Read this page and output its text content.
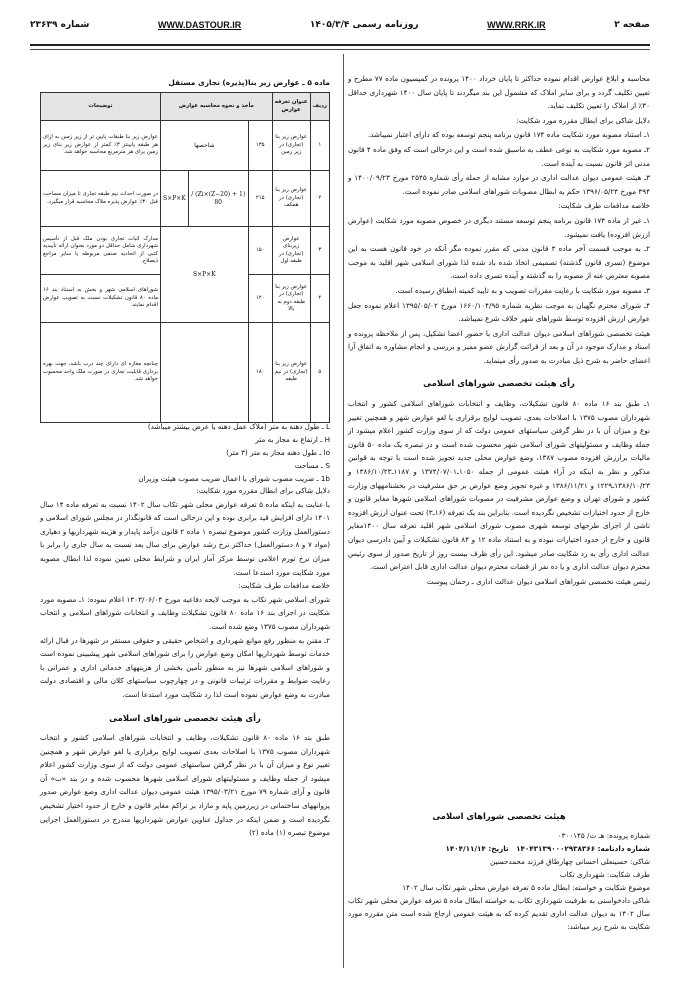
صفحه ۲
WWW.RRK.IR
روزنامه رسمی ۱۴۰۵/۳/۴
WWW.DASTOUR.IR
شماره ۲۳۶۳۹

محاسبه و ابلاغ عوارض اقدام نموده حداکثر تا پایان خرداد ۱۴۰۰ پرونده در کمیسیون ماده ۷۷ مطرح و تعیین تکلیف گردد و برای سایر املاک که مشمول این بند میگردند تا پایان سال ۱۴۰۰ شهرداری حداقل ۳۰٪ از املاک را تعیین تکلیف نماید.

دلایل شاکی برای ابطال مقرره مورد شکایت:

۱ـ استناد مصوبه مورد شکایت ماده ۱۷۴ قانون برنامه پنجم توسعه بوده که دارای اعتبار نمیباشد.

۲ـ مصوبه مورد شکایت به نوعی عطف به ماسبق شده است و این درحالی است که وفق ماده ۴ قانون مدنی اثر قانون نسبت به آینده است.

۳ـ هیئت عمومی دیوان عدالت اداری در موارد مشابه از جمله رأی شماره ۲۵۴۵ مورخ ۱۴۰۰/۰۹/۲۳ و ۴۹۴ مورخ ۱۳۹۶/۰۵/۲۴ حکم به ابطال مصوبات شوراهای اسلامی صادر نموده است.

خلاصه مدافعات طرف شکایت:

۱ـ غیر از ماده ۱۷۴ قانون برنامه پنجم توسعه مستند دیگری در خصوص مصوبه مورد شکایت (عوارض ارزش افزوده) یافت نمیشود.

۲ـ به موجب قسمت آخر ماده ۴ قانون مدنی که مقرر نموده مگر آنکه در خود قانون هست به این موضوع (تسری قانون گذشته) تصمیمی اتخاذ شده باد شده لذا شورای اسلامی شهر اقلید به موجب مصوبه معترض عنه از مصوبه را به گذشته و آینده تسری داده است.

۳ـ مصوبه مورد شکایت با رعایت مقررات تصویب و به تایید کمیته انطباق رسیده است.

۴ـ شورای محترم نگهبان به موجب نظریه شماره ۱۶۶۰/۱۰۴/۹۵ مورخ ۱۳۹۵/۰۵/۰۲ اعلام نموده جعل عوارض ارزش افزوده توسط شوراهای شهر خلاف شرع نمیباشد.

هیئت تخصصی شوراهای اسلامی دیوان عدالت اداری با حضور اعضا تشکیل، پس از ملاحظه پرونده و اسناد و مدارک موجود در آن و بعد از قرائت گزارش عضو ممیز و بررسی و انجام مشاوره به اتفاق آرا اعضای حاضر به شرح ذیل مبادرت به صدور رأی مینماید.

رأی هیئت تخصصی شوراهای اسلامی

۱ـ طبق بند ۱۶ ماده ۸۰ قانون تشکیلات، وظایف و انتخابات شوراهای اسلامی کشور و انتخاب شهرداران مصوب ۱۳۷۵ با اصلاحات بعدی، تصویب لوایح برقراری یا لغو عوارض شهر و همچنین تغییر نوع و میزان آن با در نظر گرفتن سیاستهای عمومی دولت که از سوی وزارت کشور اعلام میشود از جمله وظایف و مسئولیتهای شورای اسلامی شهر محسوب شده است و در تبصره یک ماده ۵۰ قانون مالیات برارزش افزوده مصوب ۱۳۸۷، وضع عوارض محلی جدید تجویز شده است با توجه به قوانین مذکور و نظر به اینکه در آراء هیئت عمومی از جمله ۱۰۵۰ـ۱۳۷۴/۰۷/۰۱ و ۱۱۸۷ـ۱۳۸۶/۱۰/۲۳ و ۱۳۸۶/۱۰/۲۳ـ۱۲۲۹ و ۱۳۸۶/۱۱/۲۱ و غیره تجویز وضع عوارض بر حق مشرفیت در بخشنامههای وزارت کشور و شورای تهران و وضع عوارض مشرفیت در مصوبات شوراهای اسلامی شهرها مغایر قانون و خارج از حدود اختیارات تشخیص نگردیده است. بنابراین بند یک تعرفه (۱۶ـ۳) تحت عنوان ارزش افزوده ناشی از اجرای طرحهای توسعه شهری مصوب شورای اسلامی شهر اقلید تعرفه سال ۱۴۰۰مغایر قانون و خارج از حدود اختیارات نبوده و به استناد ماده ۱۲ و ۸۴ قانون تشکیلات و آیین دادرسی دیوان عدالت اداری رأی به رد شکایت صادر میشود. این رأی ظرف بیست روز از تاریخ صدور از سوی رئیس محترم دیوان عدالت اداری و یا ده نفر از قضات محترم دیوان عدالت اداری قابل اعتراض است.

رئیس هیئت تخصصی شوراهای اسلامی دیوان عدالت اداری ـ رحمان پیوست

هیئت تخصصی شوراهای اسلامی

شماره پرونده: هـ ت/ ۰۳۰۰۱۴۵

شماره دادنامه: ۱۴۰۴۳۱۳۹۰۰۰۲۹۳۸۳۶۶   تاریخ: ۱۴۰۴/۱۱/۱۴

شاکی: حسینعلی احسانی چهارطاق فرزند محمدحسین

طرف شکایت: شهرداری تکاب

موضوع شکایت و خواسته: ابطال ماده ۵ تعرفه عوارض محلی شهر تکاب سال ۱۴۰۲

شاکی دادخواستی به طرفیت شهرداری تکاب به خواسته ابطال ماده ۵ تعرفه عوارض محلی شهر تکاب سال ۱۴۰۲ به دیوان عدالت اداری تقدیم کرده که به هیئت عمومی ارجاع شده است متن مقرره مورد شکایت به شرح زیر میباشد:

ماده ۵ ـ عوارض زیر بنا(پذیره) تجاری مستقل
ردیف	عنوان تعرفه عوارض	مأخذ و نحوه محاسبه عوارض			توضیحات
۱	عوارض زیر بنا (تجاری) در زیر زمین	۱۳۵	شاخصها		عوارض زیر بنا طبقات پایین تر از زیر زمین به ازای هر طبقه پایینتر ۳٪ کمتر از عوارض زیر بنای زیر زمین برای هر مترمربع محاسبه خواهد شد.
۲	عوارض زیر بنا (تجاری) در همکف	۲۱۵	(1 + (Z−20)×Zi) / 80	S×P×K	در صورت احداث نیم طبقه تجاری تا میزان مساحت قبل ۳۰٪ عوارض پذیره ملاک محاسبه قرار میگیرد.
۳	عوارض زیربنای (تجاری) در طبقه اول	۱۵۰	S×P×K		مدارک اثبات تجاری بودن ملک قبل از تأسیس شهرداری شامل حداقل دو مورد بعنوان ارائه تأییدیه کتبی از اتحادیه صنفی مربوطه یا سایر مراجع ذیصلاح.
۴	عوارض زیر بنا (تجاری) در طبقه دوم به بالا	۱۲۰			شوراهای اسلامی شهر و بخش به استناد بند ۱۶ ماده ۸۰ قانون تشکیلات نسبت به تصویب عوارض اقدام نمایند.
۵	عوارض زیر بنا (تجاری) در نیم طبقه	۱۸۰			چنانچه مغازه ای دارای چند درب باشد، جهت بهره برداری قابلیت تجاری در صورت ملک واحد محسوب خواهد شد.

L ـ طول دهنه به متر (ملاک عمل دهنه یا عرض بیشتر میباشد)

H ـ ارتفاع به مجاز به متر

lo ـ طول دهنه مجاز به متر (۳ متر)

S ـ مساحت

1b ـ ضریب مصوب شورای با اعمال ضریب مصوب هیئت وزیران

دلایل شاکی برای ابطال مقرره مورد شکایت:

با عنایت به اینکه ماده ۵ تعرفه عوارض محلی شهر تکاب سال ۱۴۰۲ نسبت به تعرفه ماده ۱۴ سال ۱۴۰۱ دارای افزایش قید برابری بوده و این درحالی است که قانونگذار در مجلس شورای اسلامی و دستورالعمل وزارت کشور موضوع تبصره ۱ ماده ۲ قانون درآمد پایدار و هزینه شهرداریها و دهیاری (مواد ۷ و ۸ دستورالعمل) حداکثر نرخ رشد عوارض برای سال بعد نسبت به سال جاری را برابر با میزان نرخ تورم اعلامی توسط مرکز آمار ایران و شرایط محلی تعیین نموده لذا ابطال مصوبه مورد شکایت مورد استدعا است.

خلاصه مدافعات طرف شکایت:

شورای اسلامی شهر تکاب به موجب لایحه دفاعیه مورخ ۱۴۰۳/۰۶/۰۴ اعلام نموده: ۱ـ مصوبه مورد شکایت در اجرای بند ۱۶ ماده ۸۰ قانون تشکیلات وظایف و انتخابات شوراهای اسلامی و انتخاب شهرداران مصوب ۱۳۷۵ وضع شده است.

۲ـ مقنن به منظور رفع موانع شهرداری و اشخاص حقیقی و حقوقی مستقر در شهرها در قبال ارائه خدمات توسط شهرداریها امکان وضع عوارض را برای شوراهای اسلامی شهر پیشبینی نموده است و شوراهای اسلامی شهرها نیز به منظور تأمین بخشی از هزینههای خدماتی اداری و عمرانی با رعایت ضوابط و مقررات ترتیبات قانونی و در چهارچوب سیاستهای کلان مالی و اقتصادی دولت مبادرت به وضع عوارض نموده است لذا رد شکایت مورد استدعا است.

رأی هیئت تخصصی شوراهای اسلامی

طبق بند ۱۶ ماده ۸۰ قانون تشکیلات، وظایف و انتخابات شوراهای اسلامی کشور و انتخاب شهرداران مصوب ۱۳۷۵ با اصلاحات بعدی تصویب لوایح برقراری یا لغو عوارض شهر و همچنین تغییر نوع و میزان آن با در نظر گرفتن سیاستهای عمومی دولت که از سوی وزارت کشور اعلام میشود از جمله وظایف و مسئولیتهای شورای اسلامی شهرها محسوب شده و در بند «ب» آن قانون و آرای شماره ۷۹ مورخ ۱۳۹۵/۰۳/۲۱ هیئت عمومی دیوان عدالت اداری وضع عوارض صدور پروانههای ساختمانی در زیرزمین پایه و مازاد بر تراکم مغایر قانون و خارج از حدود اختیار تشخیص نگردیده است و ضمن اینکه در جداول عناوین عوارض شهرداریها مندرج در دستورالعمل اجرایی موضوع تبصره (۱) ماده (۲)
